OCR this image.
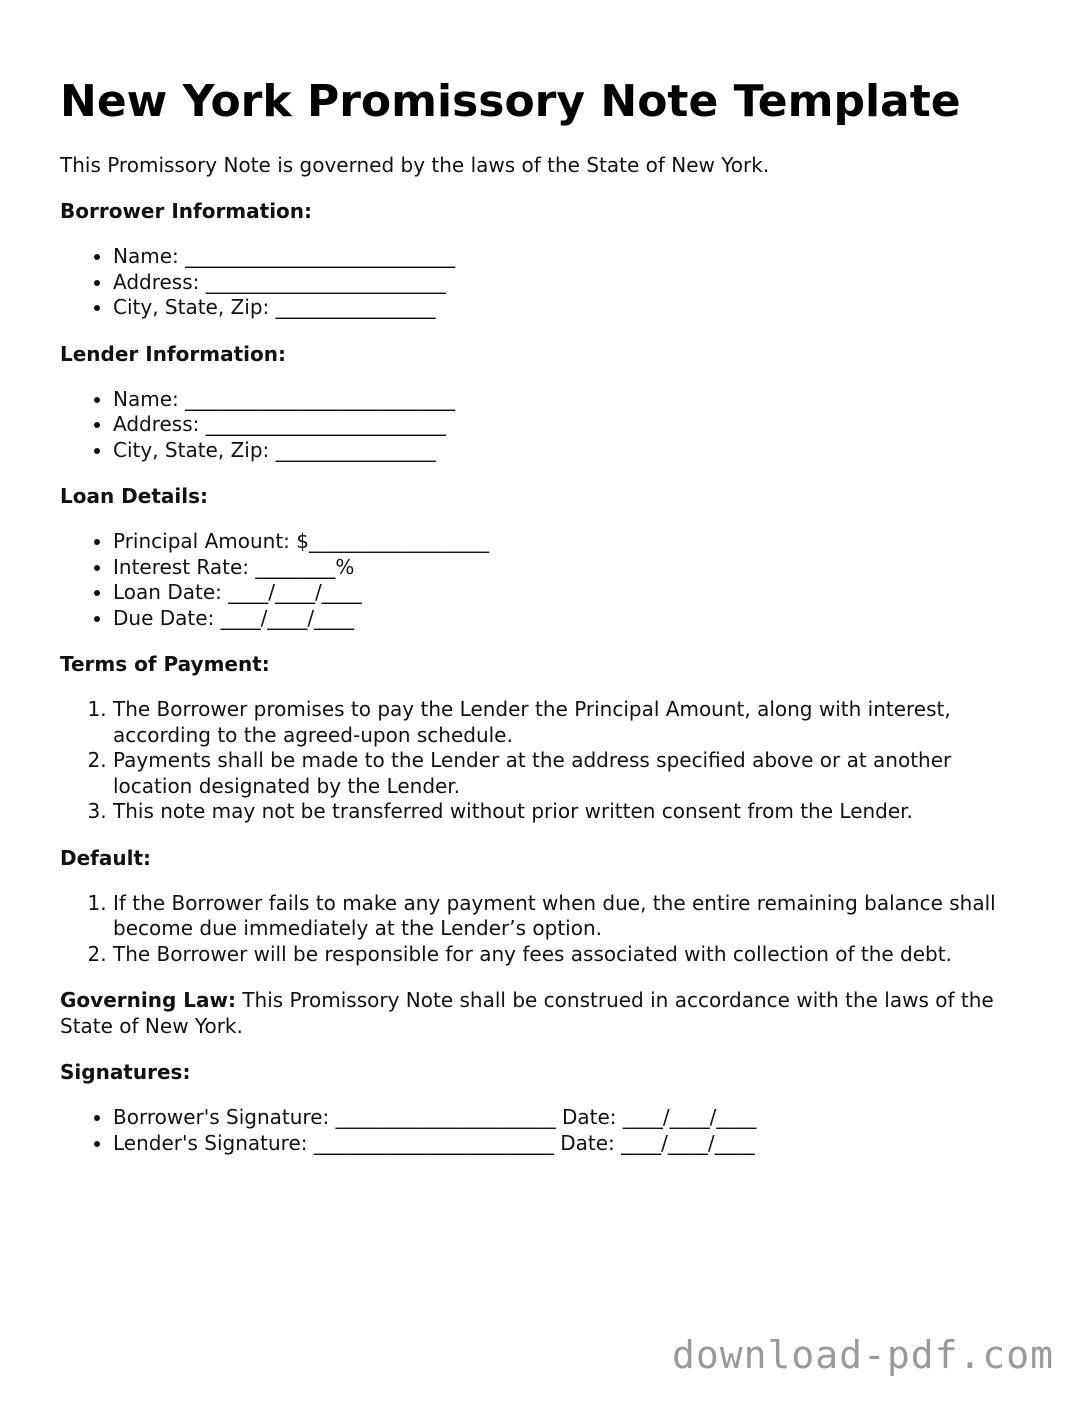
New York Promissory Note Template

This Promissory Note is governed by the laws of the State of New York.

Borrower Information:
• Name: ___________________________
• Address: ________________________
• City, State, Zip: ________________
Lender Information:
• Name: ___________________________
• Address: ________________________
• City, State, Zip: ________________
Loan Details:
• Principal Amount: $__________________
• Interest Rate: ________%
• Loan Date: ____/____/____
• Due Date: ____/____/____
Terms of Payment:
1. The Borrower promises to pay the Lender the Principal Amount, along with interest, according to the agreed-upon schedule.
2. Payments shall be made to the Lender at the address specified above or at another location designated by the Lender.
3. This note may not be transferred without prior written consent from the Lender.
Default:
1. If the Borrower fails to make any payment when due, the entire remaining balance shall become due immediately at the Lender’s option.
2. The Borrower will be responsible for any fees associated with collection of the debt.

Governing Law: This Promissory Note shall be construed in accordance with the laws of the State of New York.

Signatures:
• Borrower's Signature: ______________________ Date: ____/____/____
• Lender's Signature: ________________________ Date: ____/____/____
download-pdf.com
